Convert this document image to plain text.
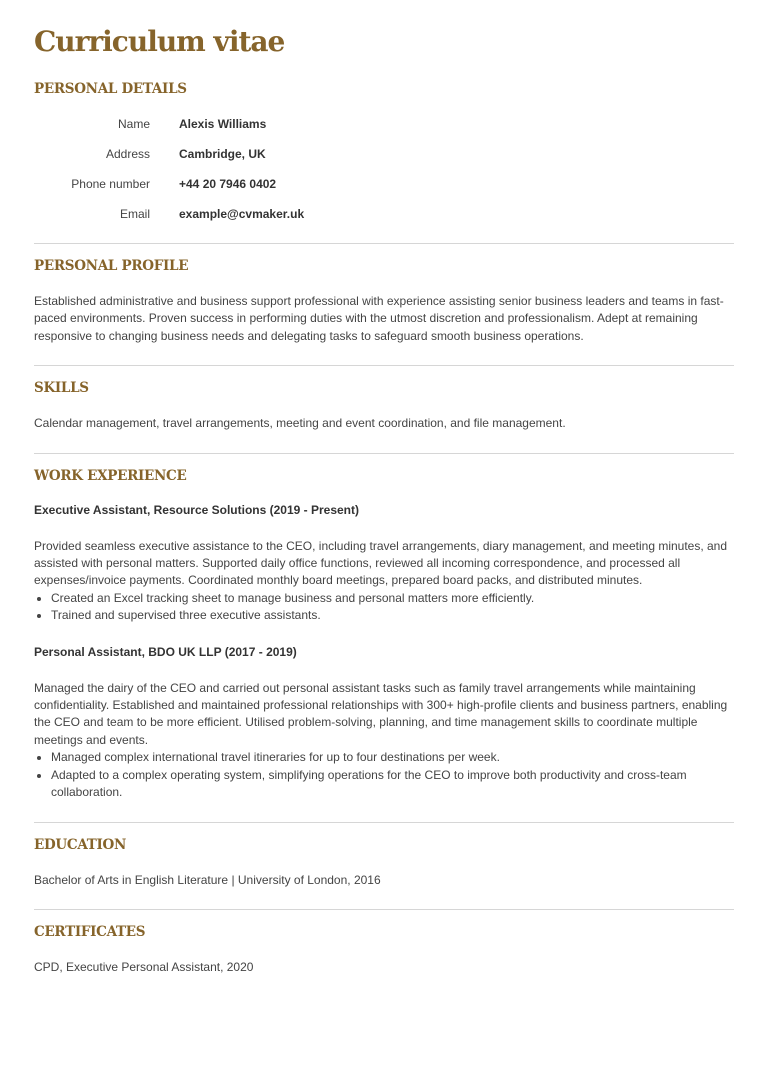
Curriculum vitae
PERSONAL DETAILS
Name Alexis Williams
Address Cambridge, UK
Phone number +44 20 7946 0402
Email example@cvmaker.uk
PERSONAL PROFILE

Established administrative and business support professional with experience assisting senior business leaders and teams in fast-paced environments. Proven success in performing duties with the utmost discretion and professionalism. Adept at remaining responsive to changing business needs and delegating tasks to safeguard smooth business operations.

SKILLS

Calendar management, travel arrangements, meeting and event coordination, and file management.

WORK EXPERIENCE

Executive Assistant, Resource Solutions (2019 - Present)

Provided seamless executive assistance to the CEO, including travel arrangements, diary management, and meeting minutes, and assisted with personal matters. Supported daily office functions, reviewed all incoming correspondence, and processed all expenses/invoice payments. Coordinated monthly board meetings, prepared board packs, and distributed minutes.

• Created an Excel tracking sheet to manage business and personal matters more efficiently.
• Trained and supervised three executive assistants.

Personal Assistant, BDO UK LLP (2017 - 2019)

Managed the dairy of the CEO and carried out personal assistant tasks such as family travel arrangements while maintaining confidentiality. Established and maintained professional relationships with 300+ high-profile clients and business partners, enabling the CEO and team to be more efficient. Utilised problem-solving, planning, and time management skills to coordinate multiple meetings and events.

• Managed complex international travel itineraries for up to four destinations per week.
• Adapted to a complex operating system, simplifying operations for the CEO to improve both productivity and cross-team collaboration.
EDUCATION

Bachelor of Arts in English Literature | University of London, 2016

CERTIFICATES

CPD, Executive Personal Assistant, 2020
